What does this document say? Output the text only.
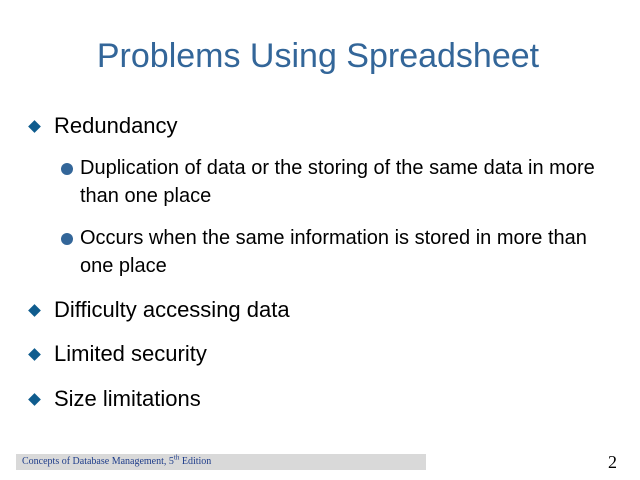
Problems Using Spreadsheet
Redundancy
Duplication of data or the storing of the same data in more than one place
Occurs when the same information is stored in more than one place
Difficulty accessing data
Limited security
Size limitations
Concepts of Database Management, 5th Edition	2
